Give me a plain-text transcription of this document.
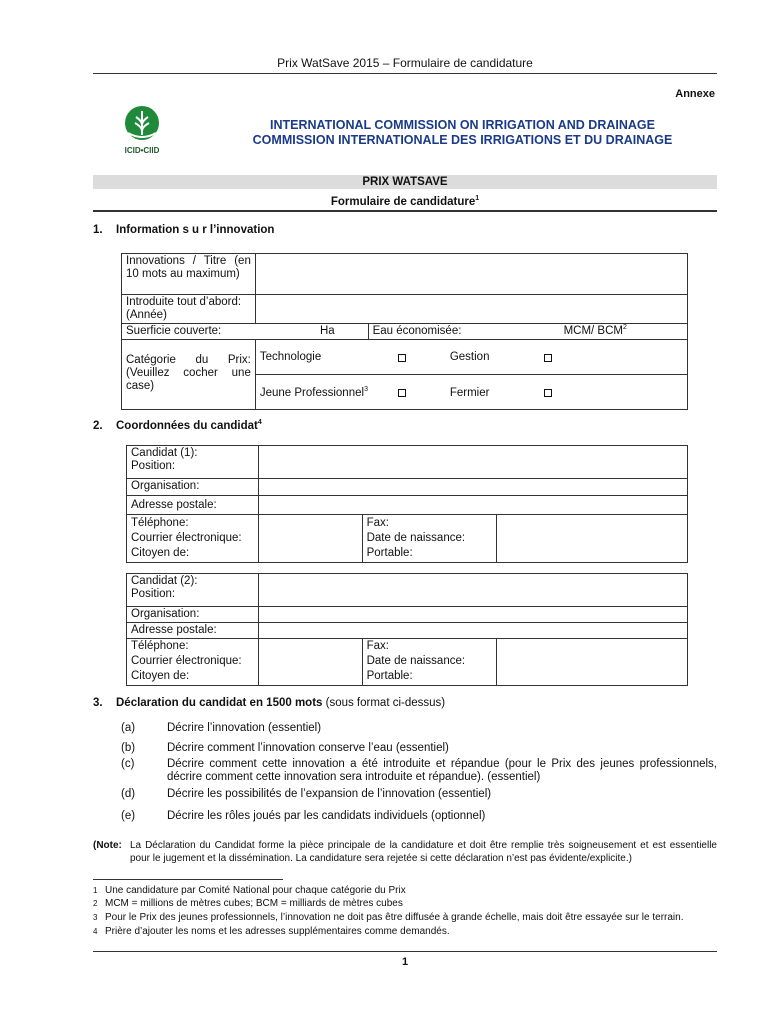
Prix WatSave 2015 – Formulaire de candidature
Annexe
ICID•CIID
INTERNATIONAL COMMISSION ON IRRIGATION AND DRAINAGE
COMMISSION INTERNATIONALE DES IRRIGATIONS ET DU DRAINAGE
PRIX WATSAVE
Formulaire de candidature$^1$
1. Information s u r l’innovation
Innovations / Titre (en 10 mots au maximum)		
Introduite tout d’abord: (Année)		
Suerficie couverte: Ha		Eau économisée: MCM/ BCM$^2$

Catégorie du Prix: (Veuillez cocher une case)	Technologie Gestion	

	Jeune Professionnel$^3$ Fermier	
2. Coordonnées du candidat$^4$
Candidat (1):
Position:			

Organisation:			
Adresse postale:			
Téléphone:		Fax:	
Courrier électronique:		Date de naissance:	
Citoyen de:		Portable:	
Candidat (2):
Position:			

Organisation:			
Adresse postale:			
Téléphone:		Fax:	
Courrier électronique:		Date de naissance:	
Citoyen de:		Portable:	
3. Déclaration du candidat en 1500 mots (sous format ci-dessus)
(a)	Décrire l’innovation (essentiel)
(b)	Décrire comment l’innovation conserve l’eau (essentiel)
(c)	Décrire comment cette innovation a été introduite et répandue (pour le Prix des jeunes professionnels, décrire comment cette innovation sera introduite et répandue). (essentiel)
(d)	Décrire les possibilités de l’expansion de l’innovation (essentiel)
(e)	Décrire les rôles joués par les candidats individuels (optionnel)
(Note: La Déclaration du Candidat forme la pièce principale de la candidature et doit être remplie très soigneusement et est essentielle pour le jugement et la dissémination. La candidature sera rejetée si cette déclaration n’est pas évidente/explicite.)
1 Une candidature par Comité National pour chaque catégorie du Prix
2 MCM = millions de mètres cubes; BCM = milliards de mètres cubes
3 Pour le Prix des jeunes professionnels, l’innovation ne doit pas être diffusée à grande échelle, mais doit être essayée sur le terrain.
4 Prière d’ajouter les noms et les adresses supplémentaires comme demandés.
1
